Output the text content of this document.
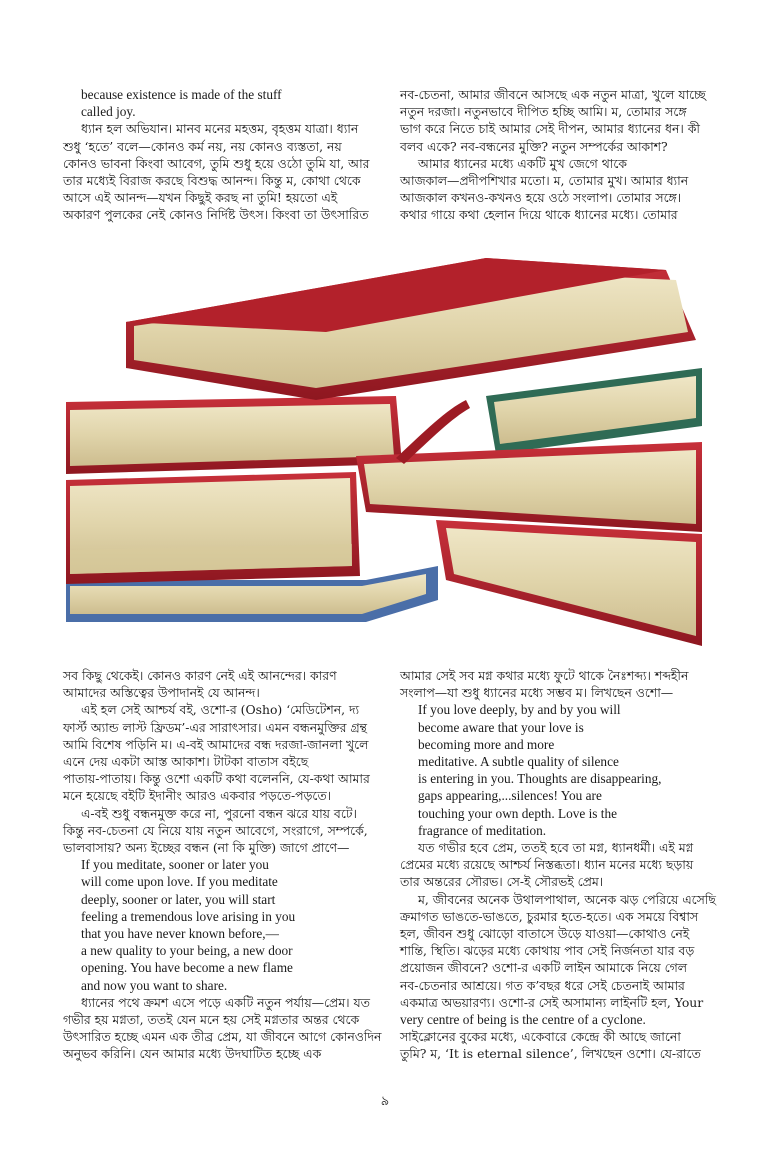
because existence is made of the stuff
called joy.
ধ্যান হল অভিযান। মানব মনের মহত্তম, বৃহত্তম যাত্রা। ধ্যান
শুধু ‘হতে’ বলে—কোনও কর্ম নয়, নয় কোনও ব্যস্ততা, নয়
কোনও ভাবনা কিংবা আবেগ, তুমি শুধু হয়ে ওঠো তুমি যা, আর
তার মধ্যেই বিরাজ করছে বিশুদ্ধ আনন্দ। কিন্তু ম, কোথা থেকে
আসে এই আনন্দ—যখন কিছুই করছ না তুমি! হয়তো এই
অকারণ পুলকের নেই কোনও নির্দিষ্ট উৎস। কিংবা তা উৎসারিত
নব-চেতনা, আমার জীবনে আসছে এক নতুন মাত্রা, খুলে যাচ্ছে
নতুন দরজা। নতুনভাবে দীপিত হচ্ছি আমি। ম, তোমার সঙ্গে
ভাগ করে নিতে চাই আমার সেই দীপন, আমার ধ্যানের ধন। কী
বলব একে? নব-বন্ধনের মুক্তি? নতুন সম্পর্কের আকাশ?
আমার ধ্যানের মধ্যে একটি মুখ জেগে থাকে
আজকাল—প্রদীপশিখার মতো। ম, তোমার মুখ। আমার ধ্যান
আজকাল কখনও-কখনও হয়ে ওঠে সংলাপ। তোমার সঙ্গে।
কথার গায়ে কথা হেলান দিয়ে থাকে ধ্যানের মধ্যে। তোমার
সব কিছু থেকেই। কোনও কারণ নেই এই আনন্দের। কারণ
আমাদের অস্তিত্বের উপাদানই যে আনন্দ।
এই হল সেই আশ্চর্য বই, ওশো-র (Osho) ‘মেডিটেশন, দ্য
ফার্স্ট অ্যান্ড লাস্ট ফ্রিডম’-এর সারাৎসার। এমন বন্ধনমুক্তির গ্রন্থ
আমি বিশেষ পড়িনি ম। এ-বই আমাদের বন্ধ দরজা-জানলা খুলে
এনে দেয় একটা আস্ত আকাশ। টাটকা বাতাস বইছে
পাতায়-পাতায়। কিন্তু ওশো একটি কথা বলেননি, যে-কথা আমার
মনে হয়েছে বইটি ইদানীং আরও একবার পড়তে-পড়তে।
এ-বই শুধু বন্ধনমুক্ত করে না, পুরনো বন্ধন ঝরে যায় বটে।
কিন্তু নব-চেতনা যে নিয়ে যায় নতুন আবেগে, সংরাগে, সম্পর্কে,
ভালবাসায়? অন্য ইচ্ছের বন্ধন (না কি মুক্তি) জাগে প্রাণে—
If you meditate, sooner or later you
will come upon love. If you meditate
deeply, sooner or later, you will start
feeling a tremendous love arising in you
that you have never known before,—
a new quality to your being, a new door
opening. You have become a new flame
and now you want to share.
ধ্যানের পথে ক্রমশ এসে পড়ে একটি নতুন পর্যায়—প্রেম। যত
গভীর হয় মগ্নতা, ততই যেন মনে হয় সেই মগ্নতার অন্তর থেকে
উৎসারিত হচ্ছে এমন এক তীব্র প্রেম, যা জীবনে আগে কোনওদিন
অনুভব করিনি। যেন আমার মধ্যে উদঘাটিত হচ্ছে এক
আমার সেই সব মগ্ন কথার মধ্যে ফুটে থাকে নৈঃশব্দ্য। শব্দহীন
সংলাপ—যা শুধু ধ্যানের মধ্যে সম্ভব ম। লিখছেন ওশো—
If you love deeply, by and by you will
become aware that your love is
becoming more and more
meditative. A subtle quality of silence
is entering in you. Thoughts are disappearing,
gaps appearing,...silences! You are
touching your own depth. Love is the
fragrance of meditation.
যত গভীর হবে প্রেম, ততই হবে তা মগ্ন, ধ্যানধর্মী। এই মগ্ন
প্রেমের মধ্যে রয়েছে আশ্চর্য নিস্তব্ধতা। ধ্যান মনের মধ্যে ছড়ায়
তার অন্তরের সৌরভ। সে-ই সৌরভই প্রেম।
ম, জীবনের অনেক উথালপাথাল, অনেক ঝড় পেরিয়ে এসেছি
ক্রমাগত ভাঙতে-ভাঙতে, চুরমার হতে-হতে। এক সময়ে বিশ্বাস
হল, জীবন শুধু ঝোড়ো বাতাসে উড়ে যাওয়া—কোথাও নেই
শান্তি, স্থিতি। ঝড়ের মধ্যে কোথায় পাব সেই নির্জনতা যার বড়
প্রয়োজন জীবনে? ওশো-র একটি লাইন আমাকে নিয়ে গেল
নব-চেতনার আশ্রয়ে। গত ক’বছর ধরে সেই চেতনাই আমার
একমাত্র অভয়ারণ্য। ওশো-র সেই অসামান্য লাইনটি হল, Your
very centre of being is the centre of a cyclone.
সাইক্লোনের বুকের মধ্যে, একেবারে কেন্দ্রে কী আছে জানো
তুমি? ম, ‘It is eternal silence’, লিখছেন ওশো। যে-রাতে
৯
